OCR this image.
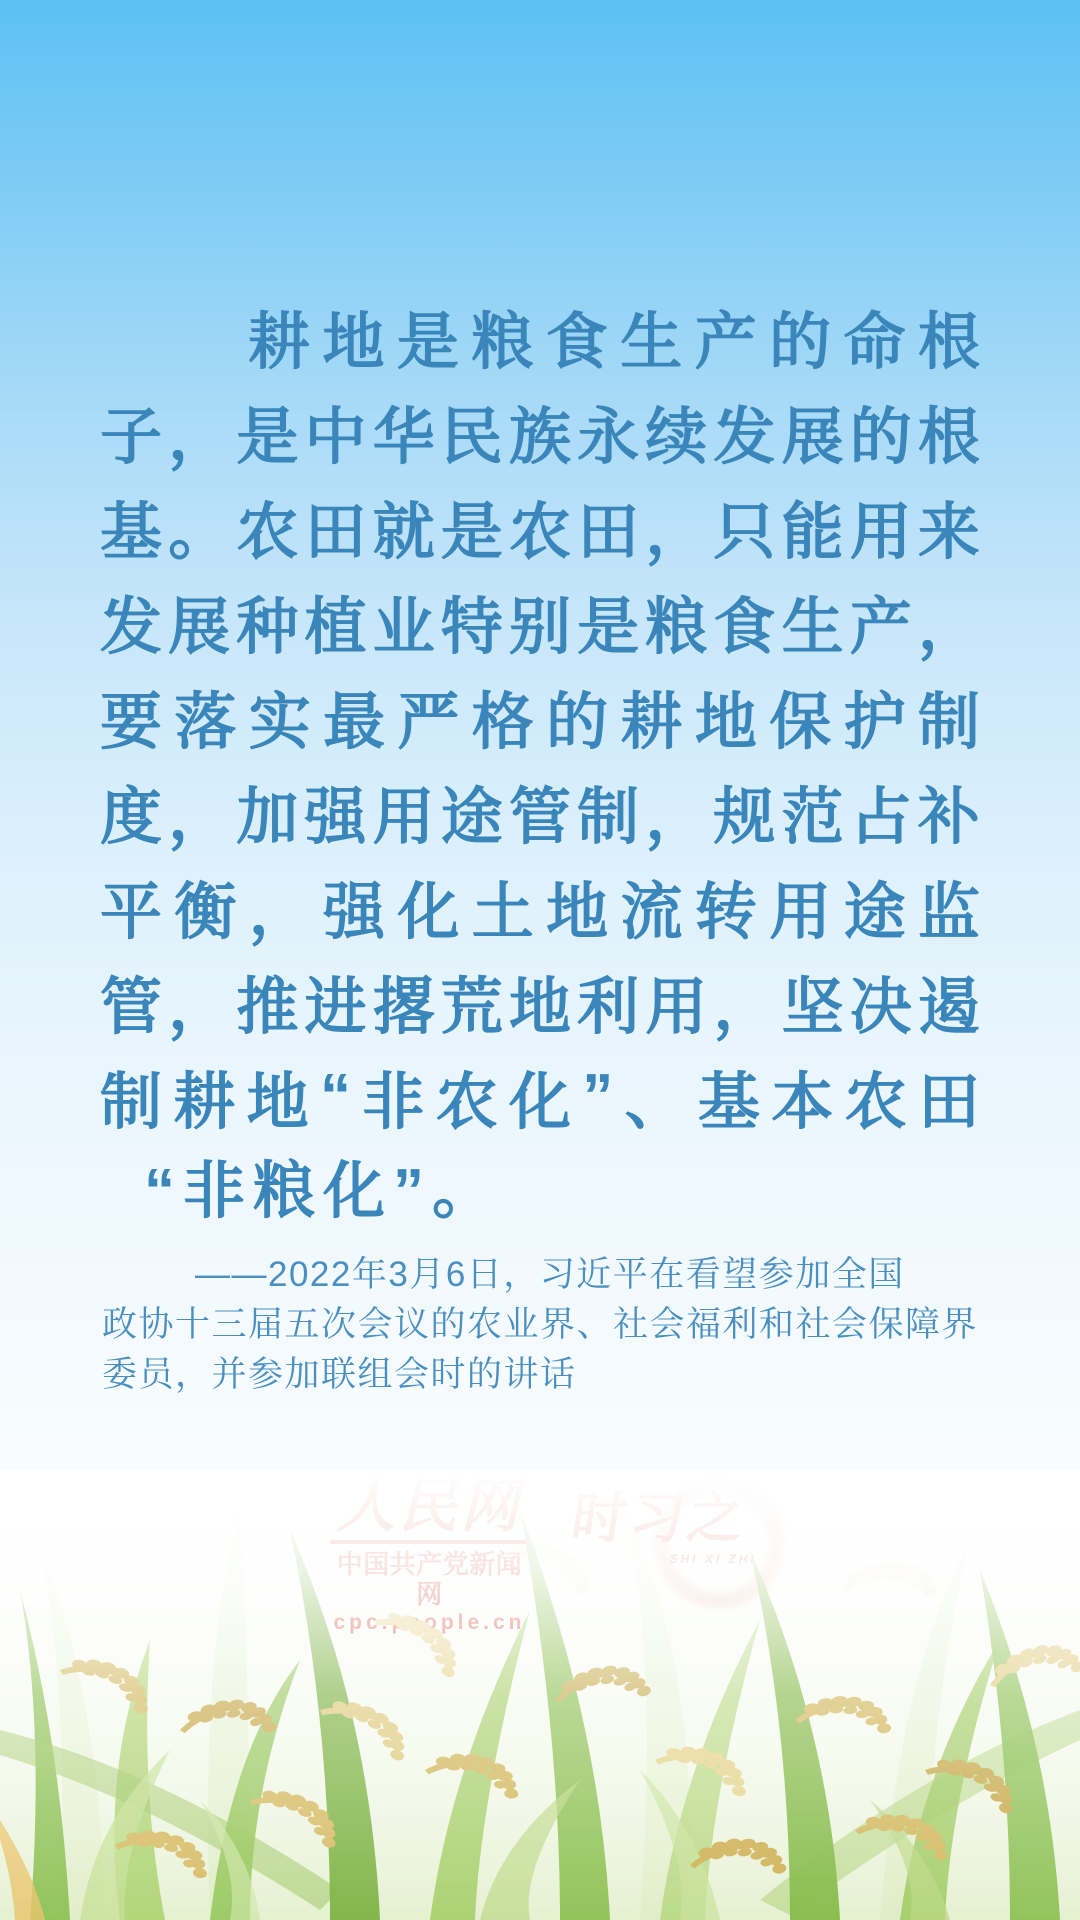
耕 地 是 粮 食 生 产 的 命 根
子 ， 是 中 华 民 族 永 续 发 展 的 根
基 。 农 田 就 是 农 田 ， 只 能 用 来
发 展 种 植 业 特 别 是 粮 食 生 产 ，
要 落 实 最 严 格 的 耕 地 保 护 制
度 ， 加 强 用 途 管 制 ， 规 范 占 补
平 衡 ， 强 化 土 地 流 转 用 途 监
管 ， 推 进 撂 荒 地 利 用 ， 坚 决 遏
制 耕 地 “ 非 农 化 ” 、 基 本 农 田
“非粮化”。
——2022年3月6日，习近平在看望参加全国
政协十三届五次会议的农业界、社会福利和社会保障界
委员，并参加联组会时的讲话
